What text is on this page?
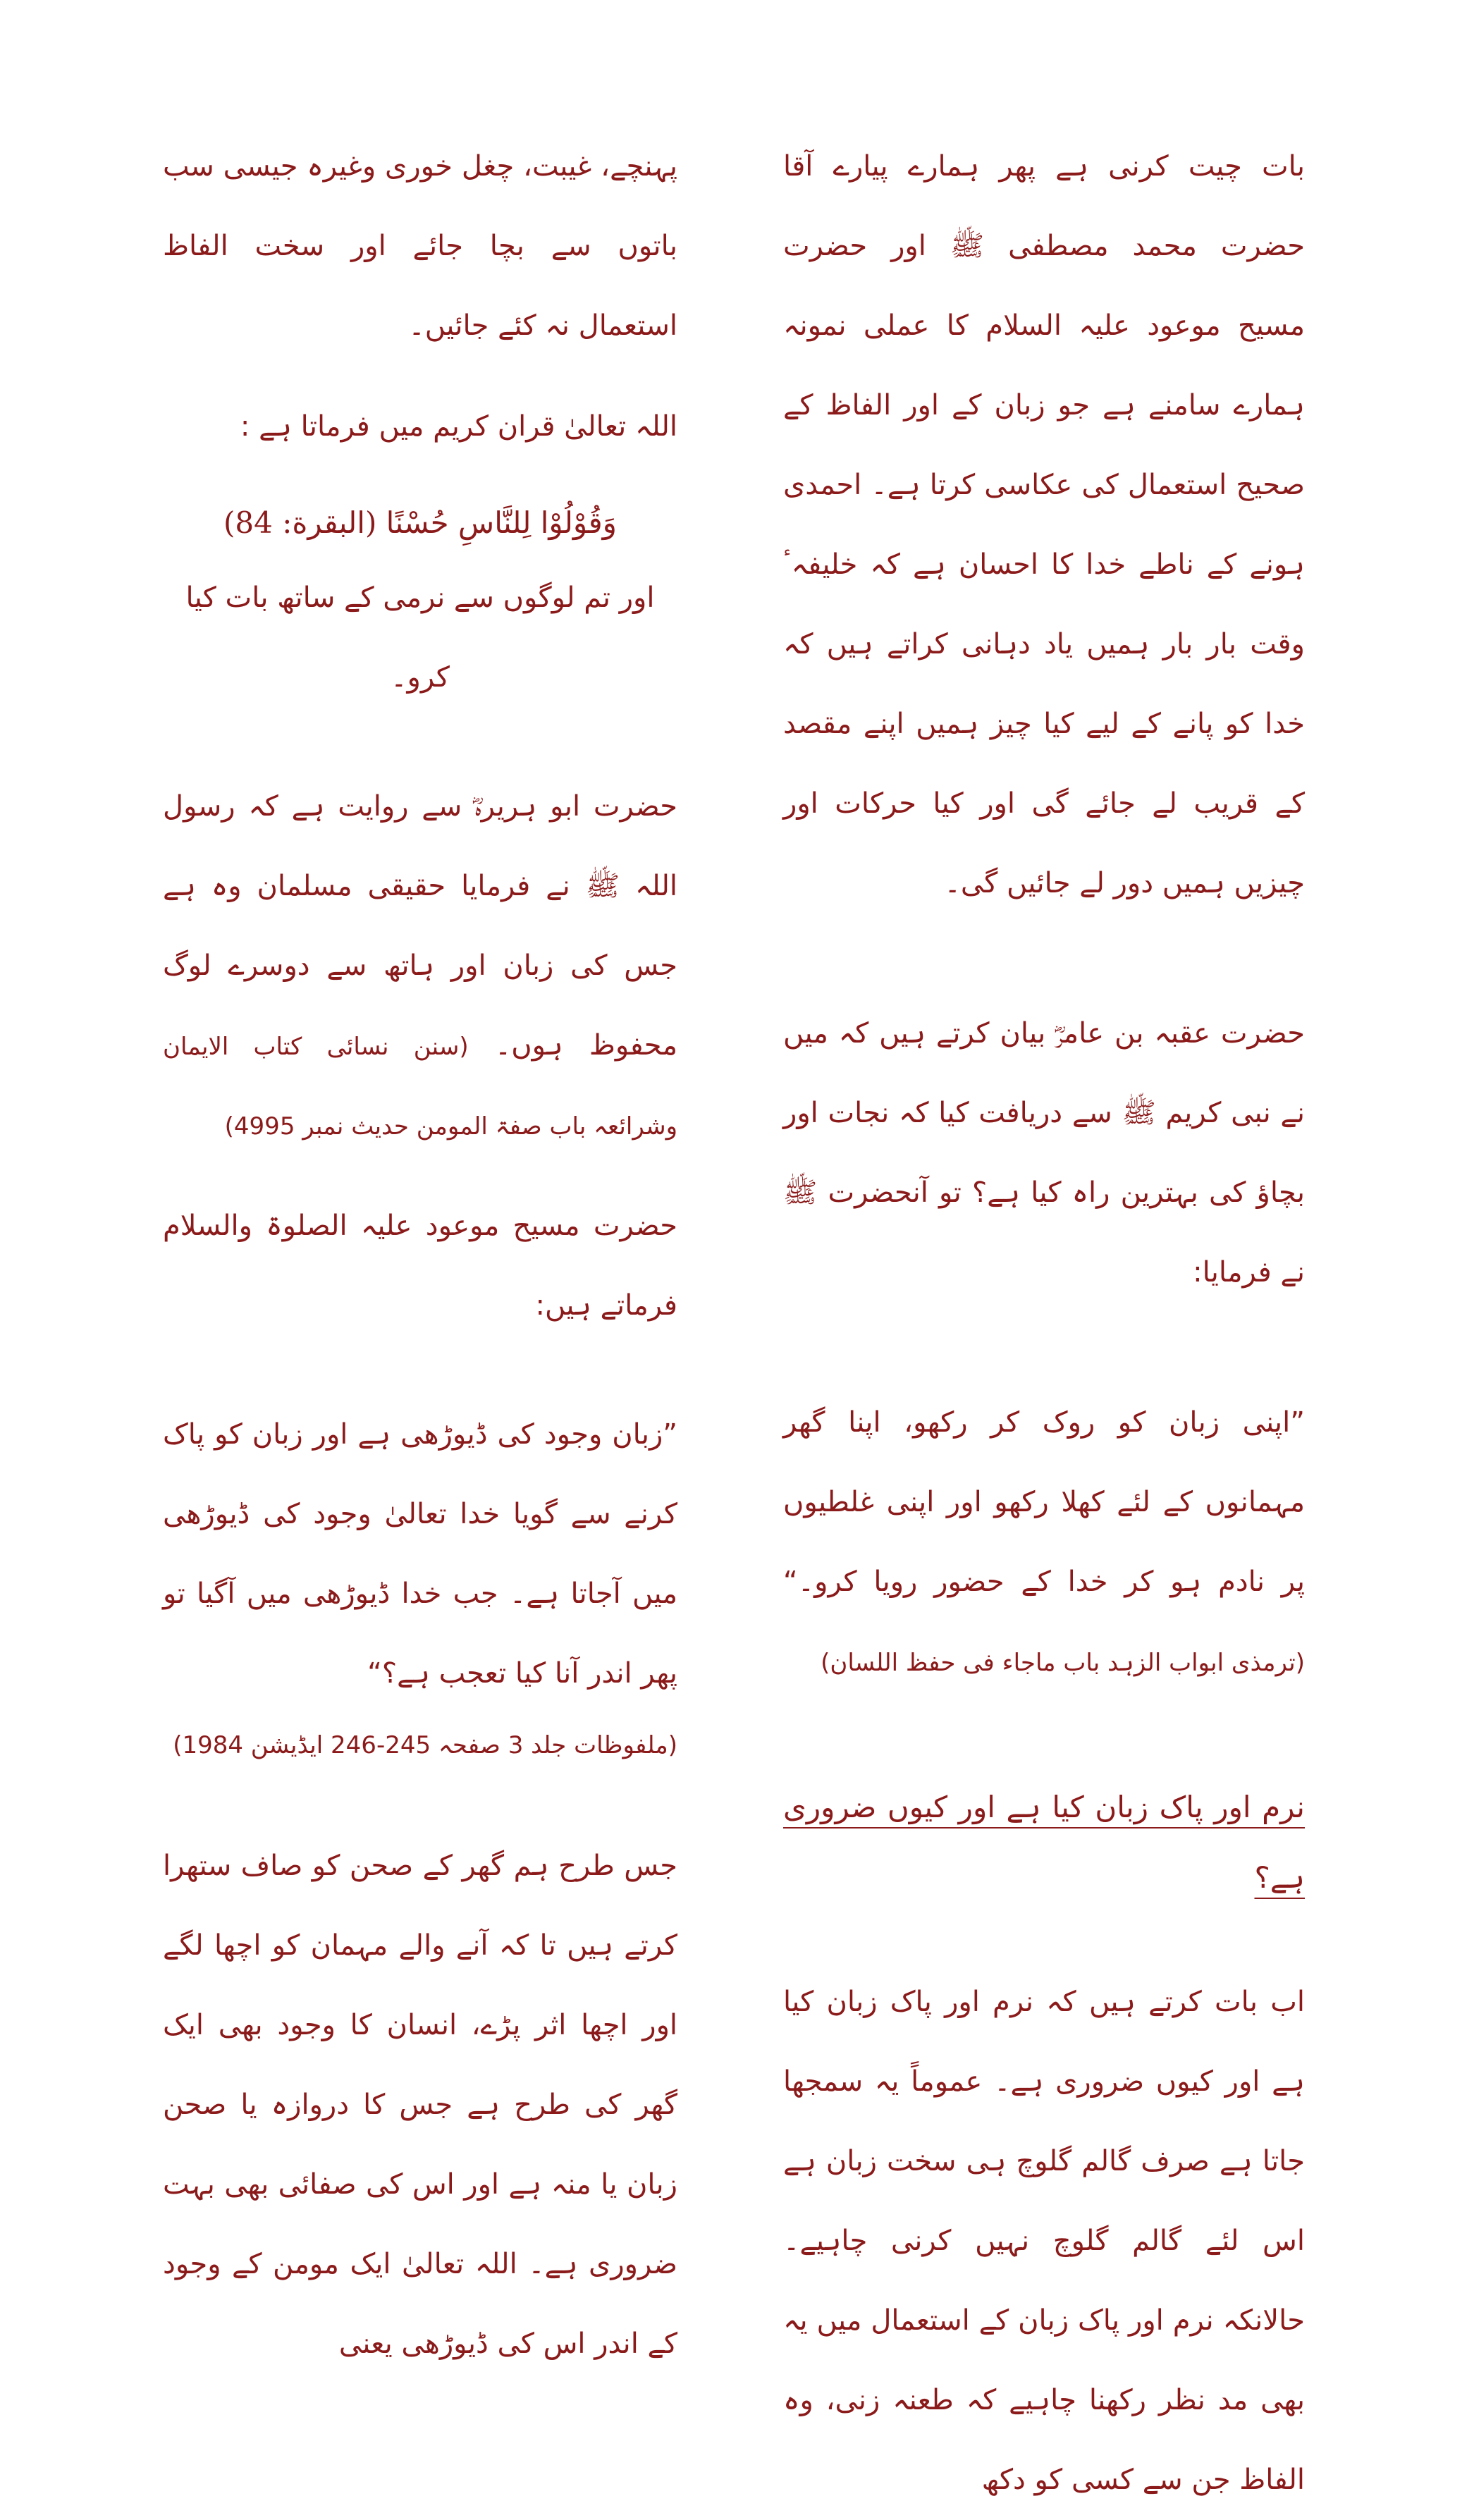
بات چیت کرنی ہے پھر ہمارے پیارے آقا حضرت محمد مصطفی ﷺ اور حضرت مسیح موعود علیہ السلام کا عملی نمونہ ہمارے سامنے ہے جو زبان کے اور الفاظ کے صحیح استعمال کی عکاسی کرتا ہے۔ احمدی ہونے کے ناطے خدا کا احسان ہے کہ خلیفہٴ وقت بار بار ہمیں یاد دہانی کراتے ہیں کہ خدا کو پانے کے لیے کیا چیز ہمیں اپنے مقصد کے قریب لے جائے گی اور کیا حرکات اور چیزیں ہمیں دور لے جائیں گی۔

حضرت عقبہ بن عامرؓ بیان کرتے ہیں کہ میں نے نبی کریم ﷺ سے دریافت کیا کہ نجات اور بچاؤ کی بہترین راہ کیا ہے؟ تو آنحضرت ﷺ نے فرمایا:

”اپنی زبان کو روک کر رکھو، اپنا گھر مہمانوں کے لئے کھلا رکھو اور اپنی غلطیوں پر نادم ہو کر خدا کے حضور رویا کرو۔“ (ترمذی ابواب الزہد باب ماجاء فی حفظ اللسان)

نرم اور پاک زبان کیا ہے اور کیوں ضروری ہے؟

اب بات کرتے ہیں کہ نرم اور پاک زبان کیا ہے اور کیوں ضروری ہے۔ عموماً یہ سمجھا جاتا ہے صرف گالم گلوچ ہی سخت زبان ہے اس لئے گالم گلوچ نہیں کرنی چاہیے۔ حالانکہ نرم اور پاک زبان کے استعمال میں یہ بھی مد نظر رکھنا چاہیے کہ طعنہ زنی، وہ الفاظ جن سے کسی کو دکھ

پہنچے، غیبت، چغل خوری وغیرہ جیسی سب باتوں سے بچا جائے اور سخت الفاظ استعمال نہ کئے جائیں۔

اللہ تعالیٰ قران کریم میں فرماتا ہے :

وَقُوْلُوْا لِلنَّاسِ حُسْنًا (البقرة: 84)

اور تم لوگوں سے نرمی کے ساتھ بات کیا کرو۔

حضرت ابو ہریرہؓ سے روایت ہے کہ رسول اللہ ﷺ نے فرمایا حقیقی مسلمان وہ ہے جس کی زبان اور ہاتھ سے دوسرے لوگ محفوظ ہوں۔ (سنن نسائی کتاب الایمان وشرائعہ باب صفۃ المومن حدیث نمبر 4995)

حضرت مسیح موعود علیہ الصلوۃ والسلام فرماتے ہیں:

”زبان وجود کی ڈیوڑھی ہے اور زبان کو پاک کرنے سے گویا خدا تعالیٰ وجود کی ڈیوڑھی میں آجاتا ہے۔ جب خدا ڈیوڑھی میں آگیا تو پھر اندر آنا کیا تعجب ہے؟“

(ملفوظات جلد 3 صفحہ 245-246 ایڈیشن 1984)

جس طرح ہم گھر کے صحن کو صاف ستھرا کرتے ہیں تا کہ آنے والے مہمان کو اچھا لگے اور اچھا اثر پڑے، انسان کا وجود بھی ایک گھر کی طرح ہے جس کا دروازہ یا صحن زبان یا منہ ہے اور اس کی صفائی بھی بہت ضروری ہے۔ اللہ تعالیٰ ایک مومن کے وجود کے اندر اس کی ڈیوڑھی یعنی
